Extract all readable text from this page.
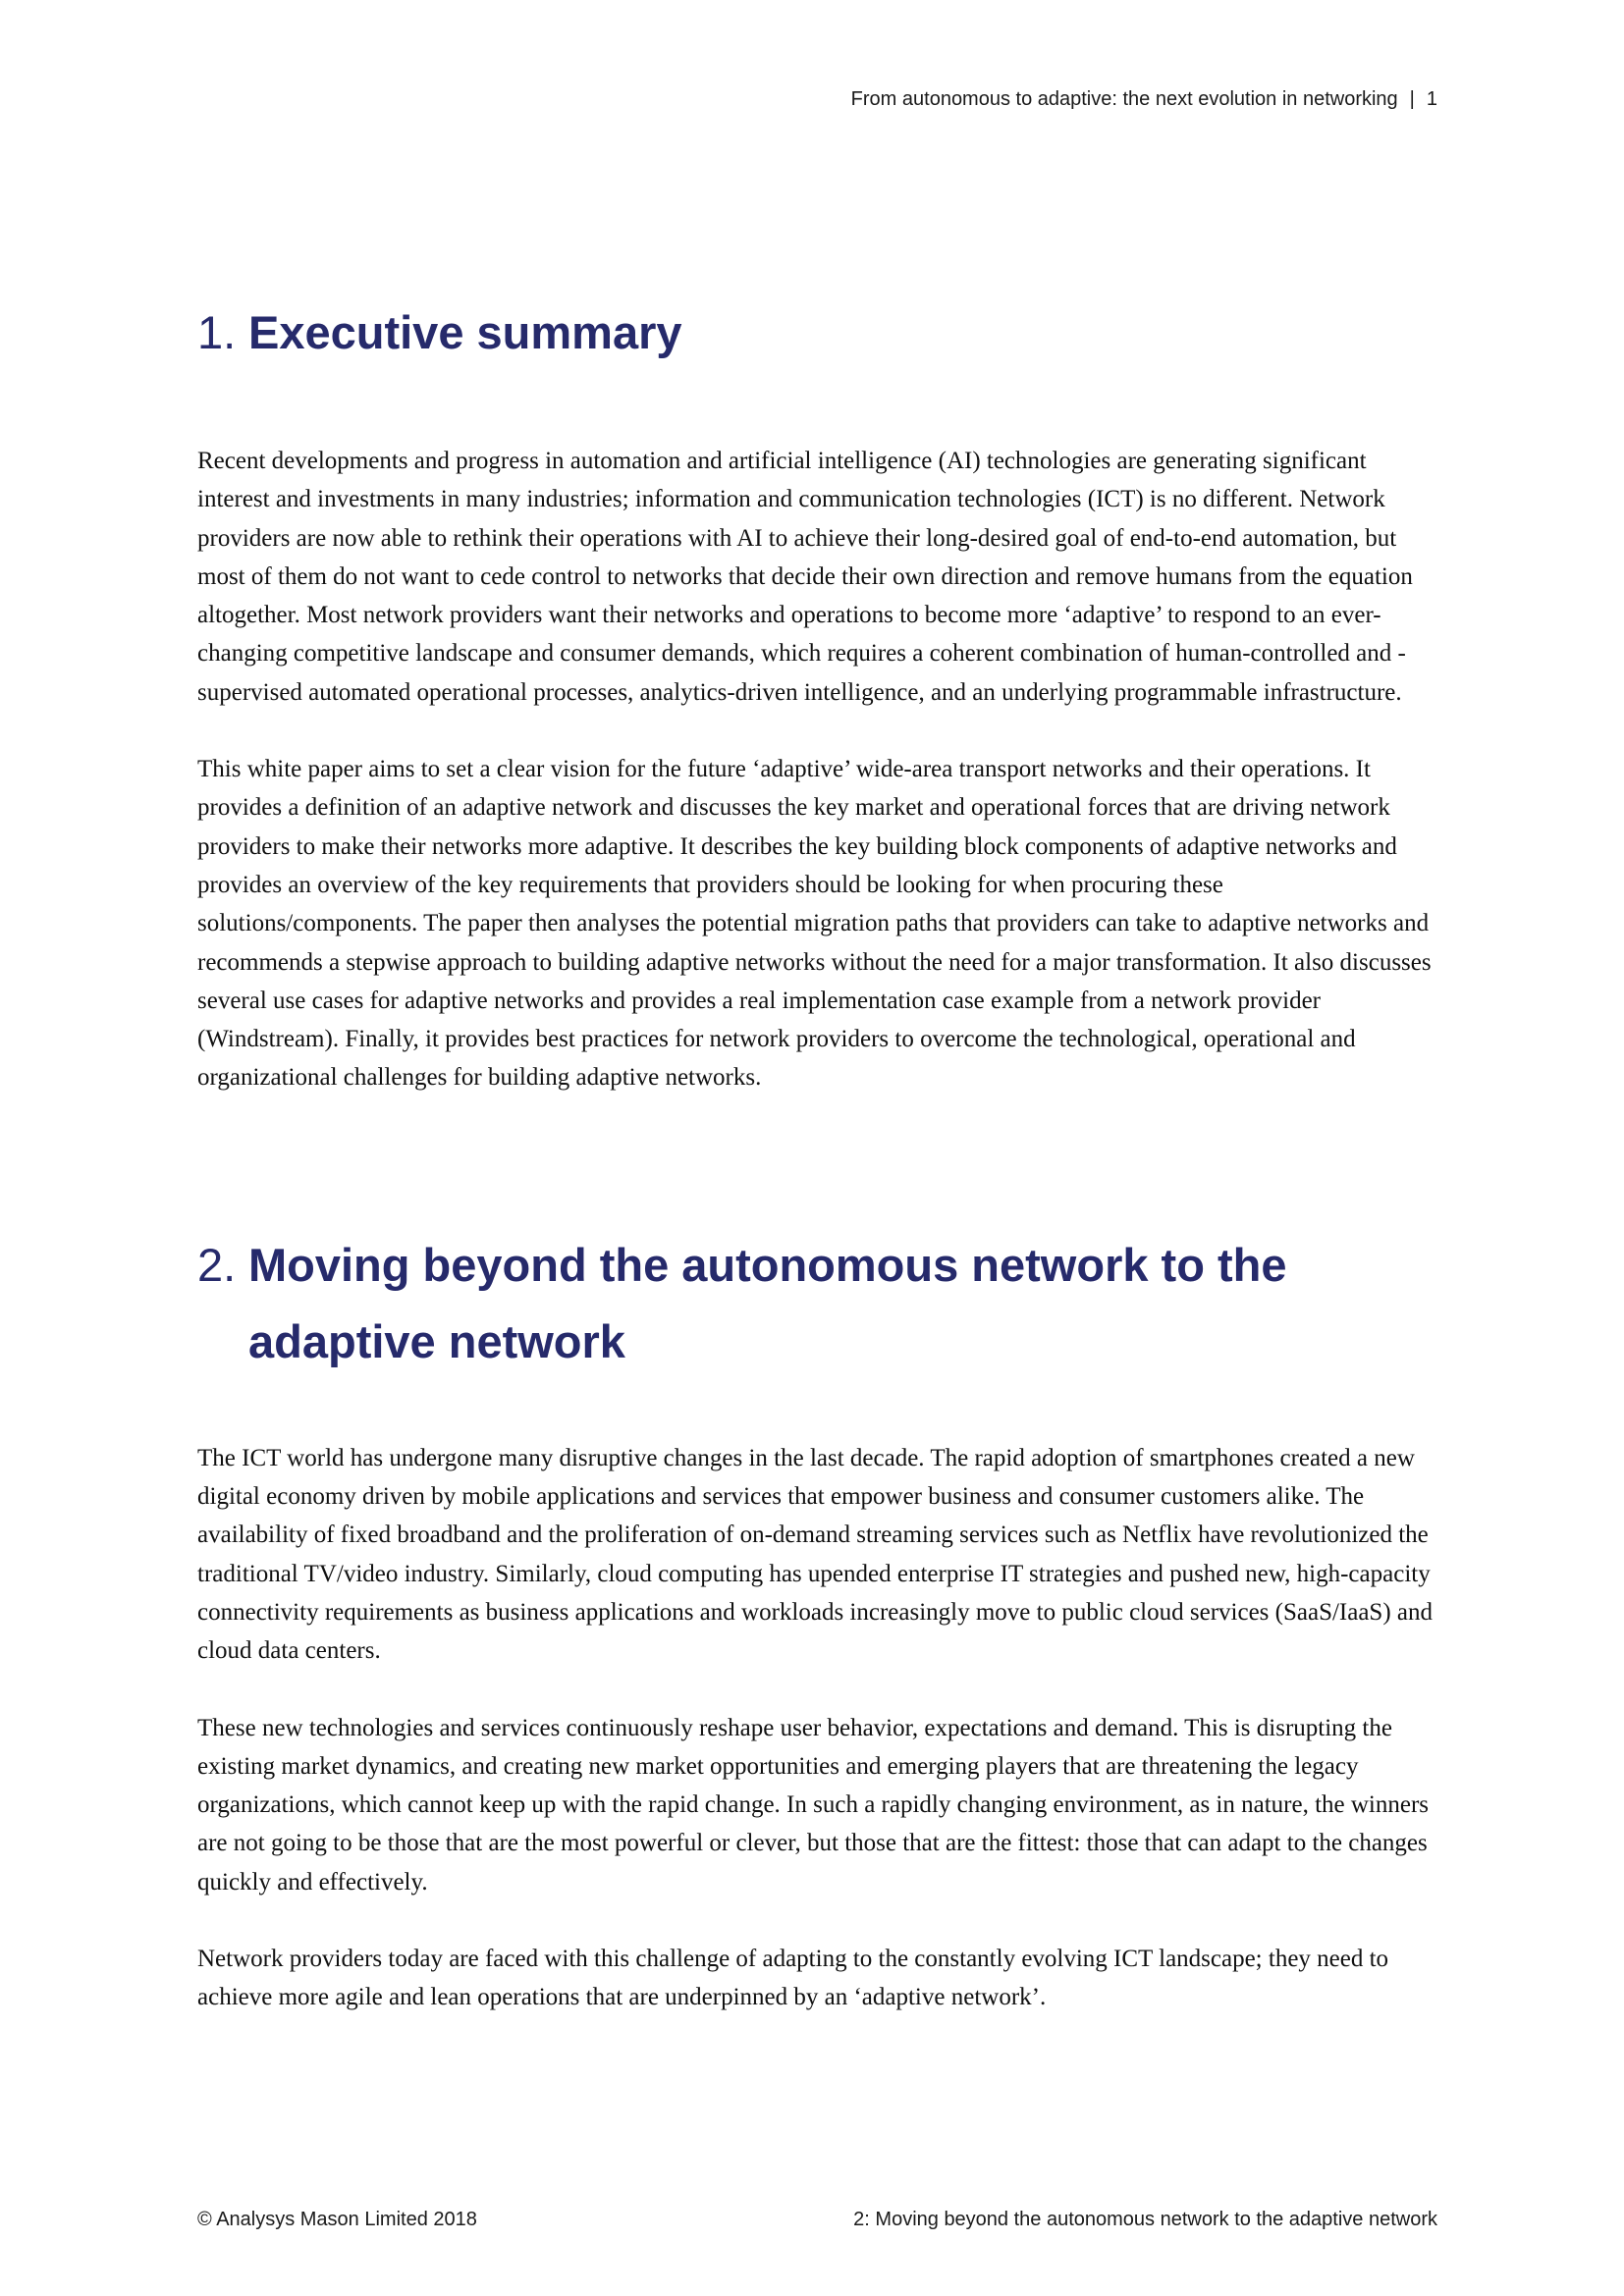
From autonomous to adaptive: the next evolution in networking | 1
1. Executive summary

Recent developments and progress in automation and artificial intelligence (AI) technologies are generating significant interest and investments in many industries; information and communication technologies (ICT) is no different. Network providers are now able to rethink their operations with AI to achieve their long-desired goal of end-to-end automation, but most of them do not want to cede control to networks that decide their own direction and remove humans from the equation altogether. Most network providers want their networks and operations to become more ‘adaptive’ to respond to an ever-changing competitive landscape and consumer demands, which requires a coherent combination of human-controlled and -supervised automated operational processes, analytics-driven intelligence, and an underlying programmable infrastructure.

This white paper aims to set a clear vision for the future ‘adaptive’ wide-area transport networks and their operations. It provides a definition of an adaptive network and discusses the key market and operational forces that are driving network providers to make their networks more adaptive. It describes the key building block components of adaptive networks and provides an overview of the key requirements that providers should be looking for when procuring these solutions/components. The paper then analyses the potential migration paths that providers can take to adaptive networks and recommends a stepwise approach to building adaptive networks without the need for a major transformation. It also discusses several use cases for adaptive networks and provides a real implementation case example from a network provider (Windstream). Finally, it provides best practices for network providers to overcome the technological, operational and organizational challenges for building adaptive networks.

2. Moving beyond the autonomous network to the adaptive network

The ICT world has undergone many disruptive changes in the last decade. The rapid adoption of smartphones created a new digital economy driven by mobile applications and services that empower business and consumer customers alike. The availability of fixed broadband and the proliferation of on-demand streaming services such as Netflix have revolutionized the traditional TV/video industry. Similarly, cloud computing has upended enterprise IT strategies and pushed new, high-capacity connectivity requirements as business applications and workloads increasingly move to public cloud services (SaaS/IaaS) and cloud data centers.

These new technologies and services continuously reshape user behavior, expectations and demand. This is disrupting the existing market dynamics, and creating new market opportunities and emerging players that are threatening the legacy organizations, which cannot keep up with the rapid change. In such a rapidly changing environment, as in nature, the winners are not going to be those that are the most powerful or clever, but those that are the fittest: those that can adapt to the changes quickly and effectively.

Network providers today are faced with this challenge of adapting to the constantly evolving ICT landscape; they need to achieve more agile and lean operations that are underpinned by an ‘adaptive network’.

© Analysys Mason Limited 2018	2: Moving beyond the autonomous network to the adaptive network
